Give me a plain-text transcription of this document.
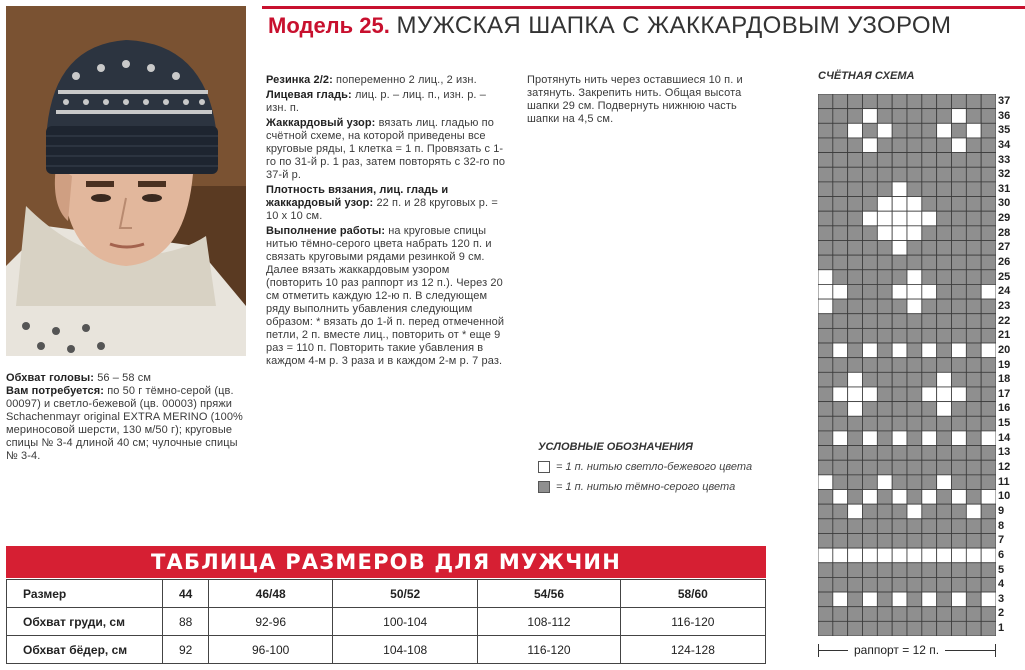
Модель 25. МУЖСКАЯ ШАПКА С ЖАККАРДОВЫМ УЗОРОМ
Обхват головы: 56 – 58 см
Вам потребуется: по 50 г тёмно-серой (цв. 00097) и светло-бежевой (цв. 00003) пряжи Schachenmayr original EXTRA MERINO (100% мериносовой шерсти, 130 м/50 г); круговые спицы № 3-4 длиной 40 см; чулочные спицы № 3-4.
Резинка 2/2: попеременно 2 лиц., 2 изн.
Лицевая гладь: лиц. р. – лиц. п., изн. р. – изн. п.
Жаккардовый узор: вязать лиц. гладью по счётной схеме, на которой приведены все круговые ряды, 1 клетка = 1 п. Провязать с 1-го по 31-й р. 1 раз, затем повторять с 32-го по 37-й р.
Плотность вязания, лиц. гладь и жаккардовый узор: 22 п. и 28 круговых р. = 10 х 10 см.
Выполнение работы: на круговые спицы нитью тёмно-серого цвета набрать 120 п. и связать круговыми рядами резинкой 9 см. Далее вязать жаккардовым узором (повторить 10 раз раппорт из 12 п.). Через 20 см отметить каждую 12-ю п. В следующем ряду выполнить убавления следующим образом: * вязать до 1-й п. перед отмеченной петли, 2 п. вместе лиц., повторить от * еще 9 раз = 110 п. Повторить такие убавления в каждом 4-м р. 3 раза и в каждом 2-м р. 7 раз.
Протянуть нить через оставшиеся 10 п. и затянуть. Закрепить нить. Общая высота шапки 29 см. Подвернуть нижнюю часть шапки на 4,5 см.
УСЛОВНЫЕ ОБОЗНАЧЕНИЯ
= 1 п. нитью светло-бежевого цвета
= 1 п. нитью тёмно-серого цвета
ТАБЛИЦА РАЗМЕРОВ ДЛЯ МУЖЧИН
Размер	44	46/48	50/52	54/56	58/60
Обхват груди, см	88	92-96	100-104	108-112	116-120
Обхват бёдер, см	92	96-100	104-108	116-120	124-128
СЧЁТНАЯ СХЕМА
37
36
35
34
33
32
31
30
29
28
27
26
25
24
23
22
21
20
19
18
17
16
15
14
13
12
11
10
9
8
7
6
5
4
3
2
1
раппорт = 12 п.
